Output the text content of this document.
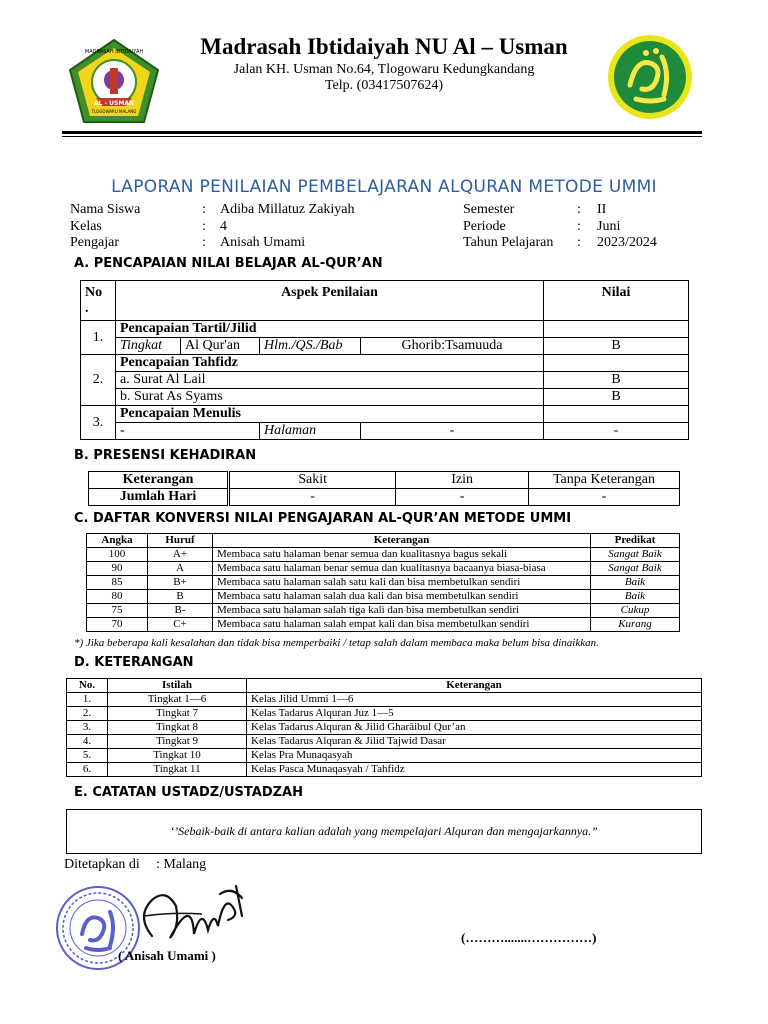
MADRASAH IBTIDAIYAH
AL - USMAN
TLOGOWARU MALANG
Madrasah Ibtidaiyah NU Al – Usman
Jalan KH. Usman No.64, Tlogowaru Kedungkandang
Telp. (03417507624)
LAPORAN PENILAIAN PEMBELAJARAN ALQURAN METODE UMMI
Nama Siswa	:	Adiba Millatuz Zakiyah
Kelas	:	4
Pengajar	:	Anisah Umami
Semester	:	II
Periode	:	Juni
Tahun Pelajaran	:	2023/2024
A. PENCAPAIAN NILAI BELAJAR AL-QUR’AN
No
.	Aspek Penilaian				Nilai
1.	Pencapaian Tartil/Jilid				
	Tingkat	Al Qur'an	Hlm./QS./Bab	Ghorib:Tsamuuda	B
2.	Pencapaian Tahfidz				
	a. Surat Al Lail				B
	b. Surat As Syams				B
3.	Pencapaian Menulis				
	-		Halaman	-	-
B. PRESENSI KEHADIRAN
Keterangan	Sakit	Izin	Tanpa Keterangan
Jumlah Hari	-	-	-
C. DAFTAR KONVERSI NILAI PENGAJARAN AL-QUR’AN METODE UMMI
Angka	Huruf	Keterangan	Predikat
100	A+	Membaca satu halaman benar semua dan kualitasnya bagus sekali	Sangat Baik
90	A	Membaca satu halaman benar semua dan kualitasnya bacaanya biasa-biasa	Sangat Baik
85	B+	Membaca satu halaman salah satu kali dan bisa membetulkan sendiri	Baik
80	B	Membaca satu halaman salah dua kali dan bisa membetulkan sendiri	Baik
75	B-	Membaca satu halaman salah tiga kali dan bisa membetulkan sendiri	Cukup
70	C+	Membaca satu halaman salah empat kali dan bisa membetulkan sendiri	Kurang
*) Jika beberapa kali kesalahan dan tidak bisa memperbaiki / tetap salah dalam membaca maka belum bisa dinaikkan.
D. KETERANGAN
No.	Istilah	Keterangan
1.	Tingkat 1—6	Kelas Jilid Ummi 1—6
2.	Tingkat 7	Kelas Tadarus Alquran Juz 1—5
3.	Tingkat 8	Kelas Tadarus Alquran & Jilid Gharāibul Qur’an
4.	Tingkat 9	Kelas Tadarus Alquran & Jilid Tajwid Dasar
5.	Tingkat 10	Kelas Pra Munaqasyah
6.	Tingkat 11	Kelas Pasca Munaqasyah / Tahfidz
E. CATATAN USTADZ/USTADZAH
‘’Sebaik-baik di antara kalian adalah yang mempelajari Alquran dan mengajarkannya.”
Ditetapkan di : Malang
( Anisah Umami )
(……….......……………)
